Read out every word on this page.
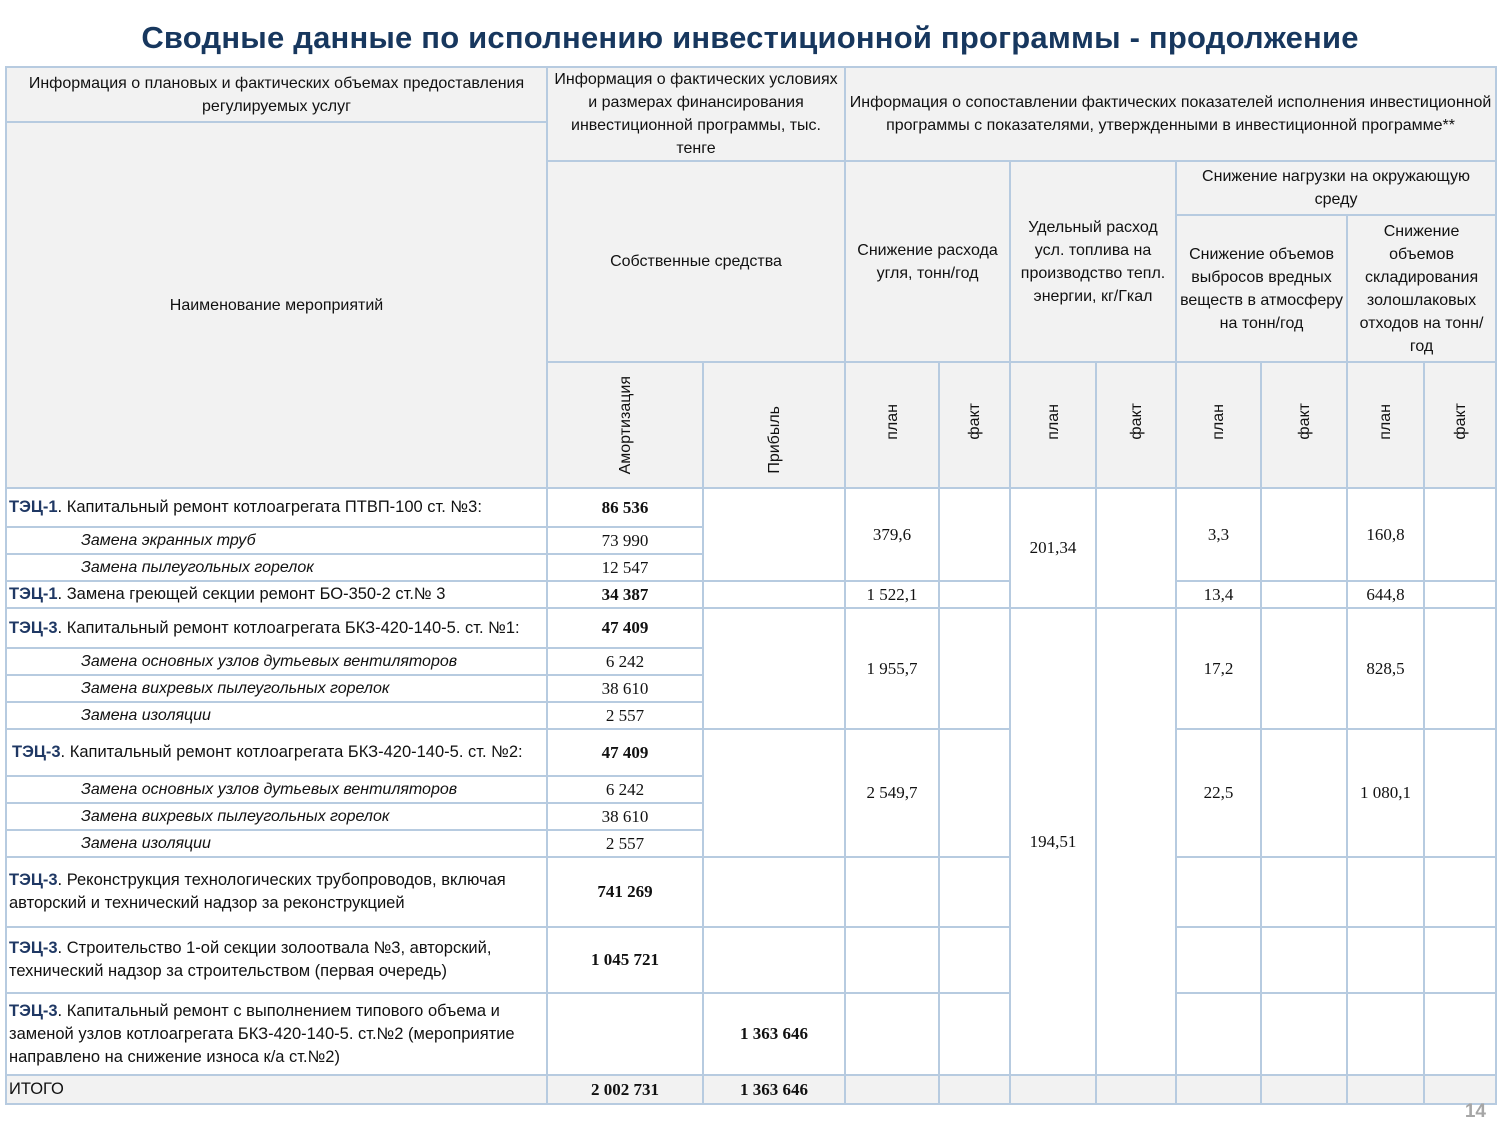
Сводные данные по исполнению инвестиционной программы - продолжение
Информация о плановых и фактических объемах предоставления регулируемых услуг	Информация о фактических условиях и размерах финансирования инвестиционной программы, тыс. тенге		Информация о сопоставлении фактических показателей исполнения инвестиционной программы с показателями, утвержденными в инвестиционной программе**							
Наименование мероприятий										
	Собственные средства		Снижение расхода угля, тонн/год		Удельный расход усл. топлива на производство тепл. энергии, кг/Гкал		Снижение нагрузки на окружающую среду			
							Снижение объемов выбросов вредных веществ в атмосферу на тонн/год		Снижение объемов складирования золошлаковых отходов на тонн/год	

	Амортизация	Прибыль	план	факт	план	факт	план	факт	план	факт
ТЭЦ-1. Капитальный ремонт котлоагрегата ПТВП-100 ст. №3:	86 536		379,6		201,34		3,3		160,8	
Замена экранных труб	73 990									
Замена пылеугольных горелок	12 547									
ТЭЦ-1. Замена греющей секции ремонт БО-350-2 ст.№ 3	34 387		1 522,1				13,4		644,8	
ТЭЦ-3. Капитальный ремонт котлоагрегата БКЗ-420-140-5. ст. №1:	47 409		1 955,7		194,51		17,2		828,5	
Замена основных узлов дутьевых вентиляторов	6 242									
Замена вихревых пылеугольных горелок	38 610									
Замена изоляции	2 557									
ТЭЦ-3. Капитальный ремонт котлоагрегата БКЗ-420-140-5. ст. №2:	47 409		2 549,7				22,5		1 080,1	
Замена основных узлов дутьевых вентиляторов	6 242									
Замена вихревых пылеугольных горелок	38 610									
Замена изоляции	2 557									
ТЭЦ-3. Реконструкция технологических трубопроводов, включая авторский и технический надзор за реконструкцией	741 269									
ТЭЦ-3. Строительство 1-ой секции золоотвала №3, авторский, технический надзор за строительством (первая очередь)	1 045 721									
ТЭЦ-3. Капитальный ремонт с выполнением типового объема и заменой узлов котлоагрегата БКЗ-420-140-5. ст.№2 (мероприятие направлено на снижение износа к/а ст.№2)		1 363 646								
ИТОГО	2 002 731	1 363 646								
14
